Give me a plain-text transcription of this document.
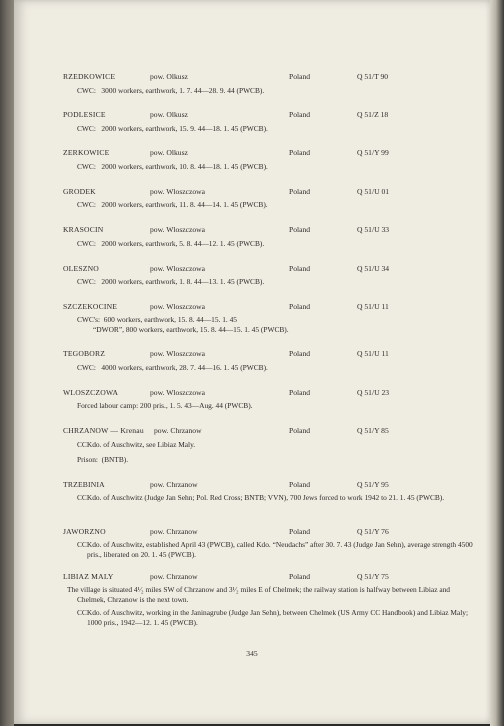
RZEDKOWICE	pow. Olkusz	Poland	Q 51/T 90
CWC:   3000 workers, earthwork, 1. 7. 44—28. 9. 44 (PWCB).
PODLESICE	pow. Olkusz	Poland	Q 51/Z 18
CWC:   2000 workers, earthwork, 15. 9. 44—18. 1. 45 (PWCB).
ZERKOWICE	pow. Olkusz	Poland	Q 51/Y 99
CWC:   2000 workers, earthwork, 10. 8. 44—18. 1. 45 (PWCB).
GRODEK	pow. Wloszczowa	Poland	Q 51/U 01
CWC:   2000 workers, earthwork, 11. 8. 44—14. 1. 45 (PWCB).
KRASOCIN	pow. Wloszczowa	Poland	Q 51/U 33
CWC:   2000 workers, earthwork, 5. 8. 44—12. 1. 45 (PWCB).
OLESZNO	pow. Wloszczowa	Poland	Q 51/U 34
CWC:   2000 workers, earthwork, 1. 8. 44—13. 1. 45 (PWCB).
SZCZEKOCINE	pow. Wloszczowa	Poland	Q 51/U 11
CWC's:  600 workers, earthwork, 15. 8. 44—15. 1. 45
“DWOR”, 800 workers, earthwork, 15. 8. 44—15. 1. 45 (PWCB).
TEGOBORZ	pow. Wloszczowa	Poland	Q 51/U 11
CWC:   4000 workers, earthwork, 28. 7. 44—16. 1. 45 (PWCB).
WLOSZCZOWA	pow. Wloszczowa	Poland	Q 51/U 23
Forced labour camp: 200 pris., 1. 5. 43—Aug. 44 (PWCB).
CHRZANOW — Krenau pow. Chrzanow	Poland	Q 51/Y 85
CCKdo. of Auschwitz, see Libiaz Maly.
Prison:  (BNTB).
TRZEBINIA	pow. Chrzanow	Poland	Q 51/Y 95
CCKdo. of Auschwitz (Judge Jan Sehn; Pol. Red Cross; BNTB; VVN), 700 Jews forced to work 1942 to 21. 1. 45 (PWCB).
JAWORZNO	pow. Chrzanow	Poland	Q 51/Y 76
CCKdo. of Auschwitz, established April 43 (PWCB), called Kdo. “Neudachs” after 30. 7. 43 (Judge Jan Sehn), average strength 4500 pris., liberated on 20. 1. 45 (PWCB).
LIBIAZ MALY	pow. Chrzanow	Poland	Q 51/Y 75
The village is situated 4¹⁄₂ miles SW of Chrzanow and 3¹⁄₂ miles E of Chelmek; the railway station is halfway between Libiaz and Chelmek, Chrzanow is the next town.
CCKdo. of Auschwitz, working in the Janinagrube (Judge Jan Sehn), between Chelmek (US Army CC Handbook) and Libiaz Maly; 1000 pris., 1942—12. 1. 45 (PWCB).
345
